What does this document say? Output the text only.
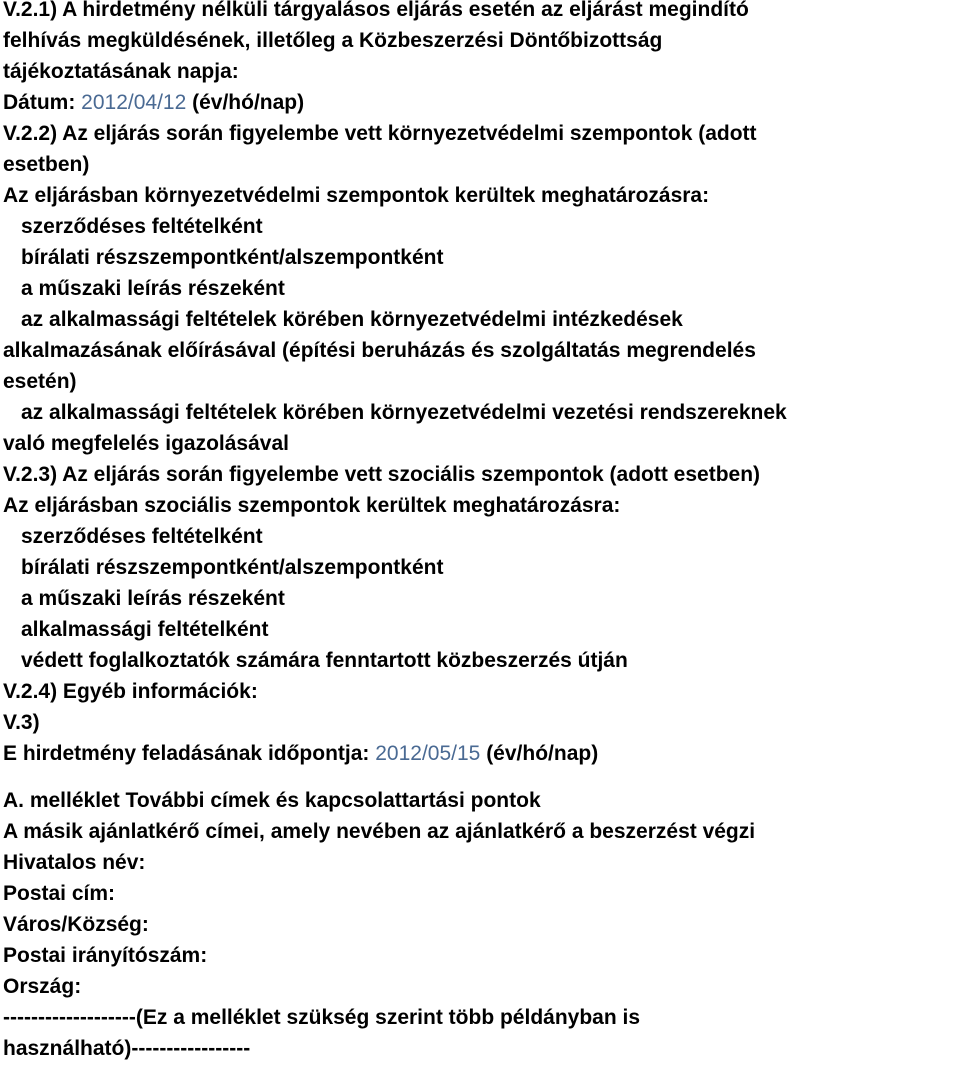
V.2.1) A hirdetmény nélküli tárgyalásos eljárás esetén az eljárást megindító
felhívás megküldésének, illetőleg a Közbeszerzési Döntőbizottság
tájékoztatásának napja:
Dátum: 2012/04/12 (év/hó/nap)
V.2.2) Az eljárás során figyelembe vett környezetvédelmi szempontok (adott
esetben)
Az eljárásban környezetvédelmi szempontok kerültek meghatározásra:
szerződéses feltételként
bírálati részszempontként/alszempontként
a műszaki leírás részeként
az alkalmassági feltételek körében környezetvédelmi intézkedések
alkalmazásának előírásával (építési beruházás és szolgáltatás megrendelés
esetén)
az alkalmassági feltételek körében környezetvédelmi vezetési rendszereknek
való megfelelés igazolásával
V.2.3) Az eljárás során figyelembe vett szociális szempontok (adott esetben)
Az eljárásban szociális szempontok kerültek meghatározásra:
szerződéses feltételként
bírálati részszempontként/alszempontként
a műszaki leírás részeként
alkalmassági feltételként
védett foglalkoztatók számára fenntartott közbeszerzés útján
V.2.4) Egyéb információk:
V.3)
E hirdetmény feladásának időpontja: 2012/05/15 (év/hó/nap)
A. melléklet További címek és kapcsolattartási pontok
A másik ajánlatkérő címei, amely nevében az ajánlatkérő a beszerzést végzi
Hivatalos név:
Postai cím:
Város/Község:
Postai irányítószám:
Ország:
-------------------(Ez a melléklet szükség szerint több példányban is
használható)-----------------
